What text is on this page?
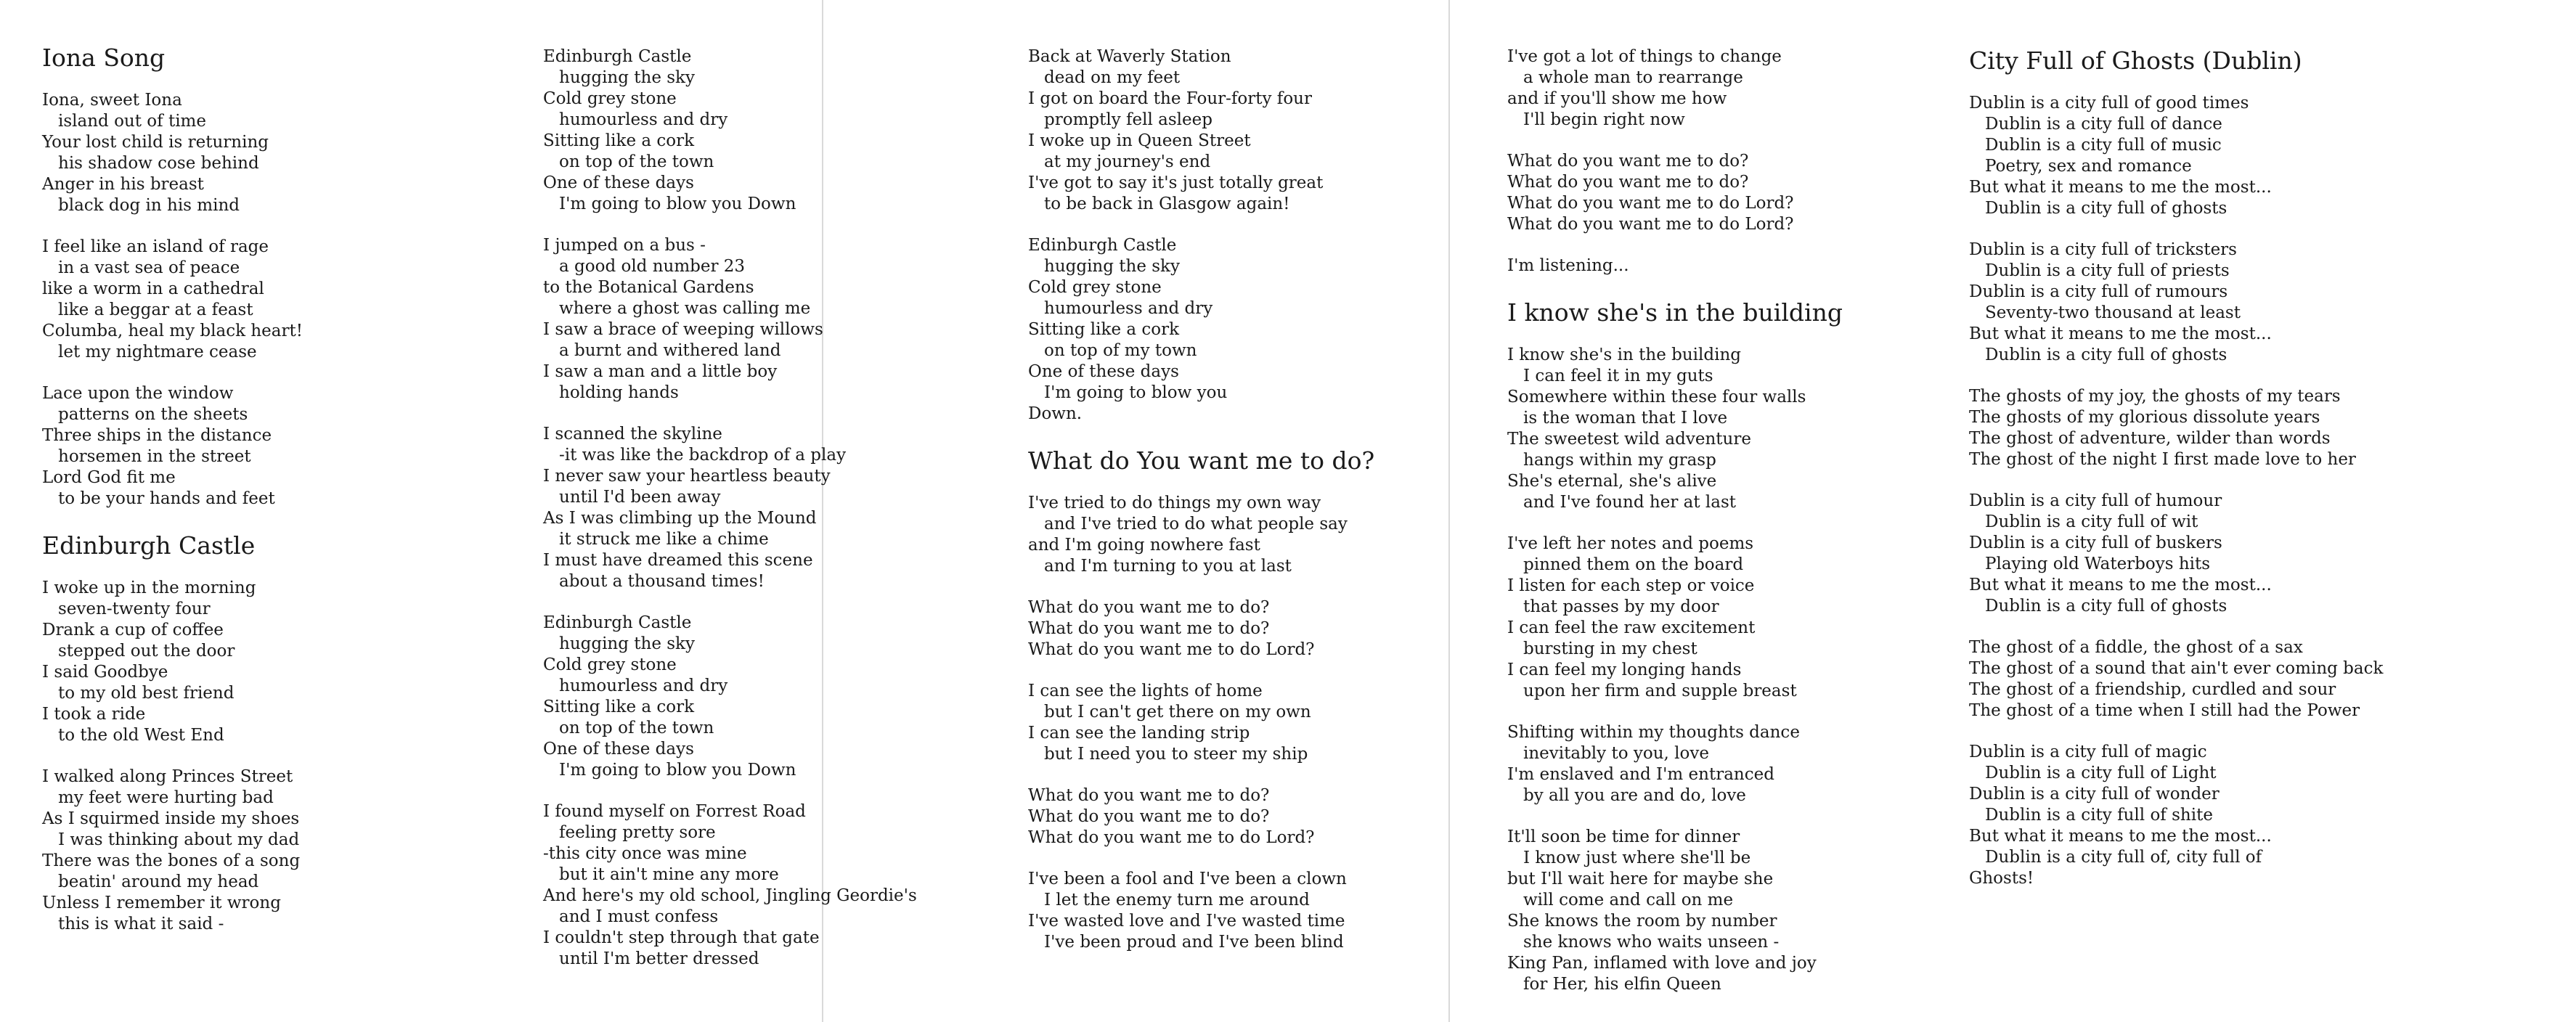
Iona Song
Iona, sweet Iona
island out of time
Your lost child is returning
his shadow cose behind
Anger in his breast
black dog in his mind
I feel like an island of rage
in a vast sea of peace
like a worm in a cathedral
like a beggar at a feast
Columba, heal my black heart!
let my nightmare cease
Lace upon the window
patterns on the sheets
Three ships in the distance
horsemen in the street
Lord God fit me
to be your hands and feet
Edinburgh Castle
I woke up in the morning
seven-twenty four
Drank a cup of coffee
stepped out the door
I said Goodbye
to my old best friend
I took a ride
to the old West End
I walked along Princes Street
my feet were hurting bad
As I squirmed inside my shoes
I was thinking about my dad
There was the bones of a song
beatin' around my head
Unless I remember it wrong
this is what it said -
Edinburgh Castle
hugging the sky
Cold grey stone
humourless and dry
Sitting like a cork
on top of the town
One of these days
I'm going to blow you Down
I jumped on a bus -
a good old number 23
to the Botanical Gardens
where a ghost was calling me
I saw a brace of weeping willows
a burnt and withered land
I saw a man and a little boy
holding hands
I scanned the skyline
-it was like the backdrop of a play
I never saw your heartless beauty
until I'd been away
As I was climbing up the Mound
it struck me like a chime
I must have dreamed this scene
about a thousand times!
Edinburgh Castle
hugging the sky
Cold grey stone
humourless and dry
Sitting like a cork
on top of the town
One of these days
I'm going to blow you Down
I found myself on Forrest Road
feeling pretty sore
-this city once was mine
but it ain't mine any more
And here's my old school, Jingling Geordie's
and I must confess
I couldn't step through that gate
until I'm better dressed
Back at Waverly Station
dead on my feet
I got on board the Four-forty four
promptly fell asleep
I woke up in Queen Street
at my journey's end
I've got to say it's just totally great
to be back in Glasgow again!
Edinburgh Castle
hugging the sky
Cold grey stone
humourless and dry
Sitting like a cork
on top of my town
One of these days
I'm going to blow you
Down.
What do You want me to do?
I've tried to do things my own way
and I've tried to do what people say
and I'm going nowhere fast
and I'm turning to you at last
What do you want me to do?
What do you want me to do?
What do you want me to do Lord?
I can see the lights of home
but I can't get there on my own
I can see the landing strip
but I need you to steer my ship
What do you want me to do?
What do you want me to do?
What do you want me to do Lord?
I've been a fool and I've been a clown
I let the enemy turn me around
I've wasted love and I've wasted time
I've been proud and I've been blind
I've got a lot of things to change
a whole man to rearrange
and if you'll show me how
I'll begin right now
What do you want me to do?
What do you want me to do?
What do you want me to do Lord?
What do you want me to do Lord?
I'm listening...
I know she's in the building
I know she's in the building
I can feel it in my guts
Somewhere within these four walls
is the woman that I love
The sweetest wild adventure
hangs within my grasp
She's eternal, she's alive
and I've found her at last
I've left her notes and poems
pinned them on the board
I listen for each step or voice
that passes by my door
I can feel the raw excitement
bursting in my chest
I can feel my longing hands
upon her firm and supple breast
Shifting within my thoughts dance
inevitably to you, love
I'm enslaved and I'm entranced
by all you are and do, love
It'll soon be time for dinner
I know just where she'll be
but I'll wait here for maybe she
will come and call on me
She knows the room by number
she knows who waits unseen -
King Pan, inflamed with love and joy
for Her, his elfin Queen
City Full of Ghosts (Dublin)
Dublin is a city full of good times
Dublin is a city full of dance
Dublin is a city full of music
Poetry, sex and romance
But what it means to me the most...
Dublin is a city full of ghosts
Dublin is a city full of tricksters
Dublin is a city full of priests
Dublin is a city full of rumours
Seventy-two thousand at least
But what it means to me the most...
Dublin is a city full of ghosts
The ghosts of my joy, the ghosts of my tears
The ghosts of my glorious dissolute years
The ghost of adventure, wilder than words
The ghost of the night I first made love to her
Dublin is a city full of humour
Dublin is a city full of wit
Dublin is a city full of buskers
Playing old Waterboys hits
But what it means to me the most...
Dublin is a city full of ghosts
The ghost of a fiddle, the ghost of a sax
The ghost of a sound that ain't ever coming back
The ghost of a friendship, curdled and sour
The ghost of a time when I still had the Power
Dublin is a city full of magic
Dublin is a city full of Light
Dublin is a city full of wonder
Dublin is a city full of shite
But what it means to me the most...
Dublin is a city full of, city full of
Ghosts!
